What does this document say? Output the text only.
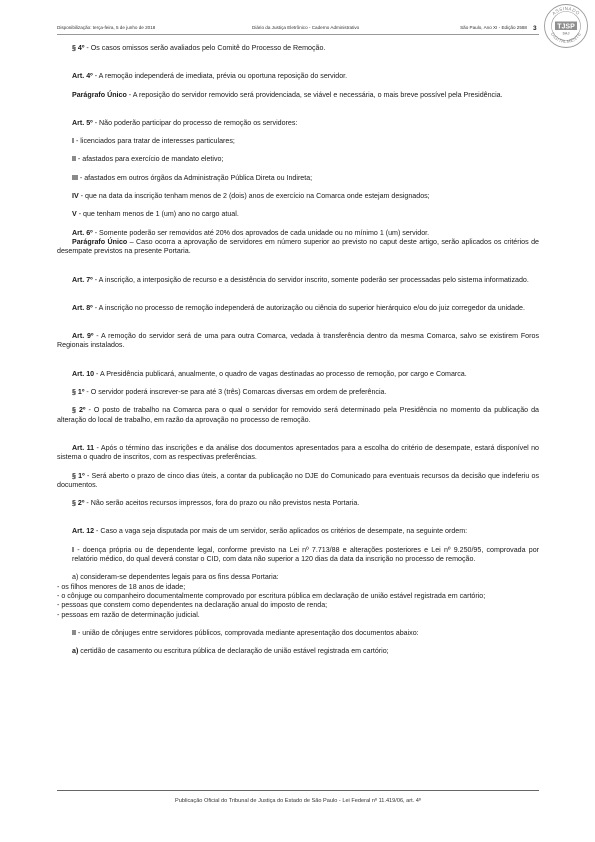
Disponibilização: terça-feira, 5 de junho de 2018	Diário da Justiça Eletrônico - Caderno Administrativo	São Paulo, Ano XI - Edição 2588 3
ASSINADO
DIGITALMENTE
TJSP
SAJ

§ 4º - Os casos omissos serão avaliados pelo Comitê do Processo de Remoção.

Art. 4º - A remoção independerá de imediata, prévia ou oportuna reposição do servidor.

Parágrafo Único - A reposição do servidor removido será providenciada, se viável e necessária, o mais breve possível pela Presidência.

Art. 5º - Não poderão participar do processo de remoção os servidores:

I - licenciados para tratar de interesses particulares;

II - afastados para exercício de mandato eletivo;

III - afastados em outros órgãos da Administração Pública Direta ou Indireta;

IV - que na data da inscrição tenham menos de 2 (dois) anos de exercício na Comarca onde estejam designados;

V - que tenham menos de 1 (um) ano no cargo atual.

Art. 6º - Somente poderão ser removidos até 20% dos aprovados de cada unidade ou no mínimo 1 (um) servidor.

Parágrafo Único – Caso ocorra a aprovação de servidores em número superior ao previsto no caput deste artigo, serão aplicados os critérios de desempate previstos na presente Portaria.

Art. 7º - A inscrição, a interposição de recurso e a desistência do servidor inscrito, somente poderão ser processadas pelo sistema informatizado.

Art. 8º - A inscrição no processo de remoção independerá de autorização ou ciência do superior hierárquico e/ou do juiz corregedor da unidade.

Art. 9º - A remoção do servidor será de uma para outra Comarca, vedada à transferência dentro da mesma Comarca, salvo se existirem Foros Regionais instalados.

Art. 10 - A Presidência publicará, anualmente, o quadro de vagas destinadas ao processo de remoção, por cargo e Comarca.

§ 1º - O servidor poderá inscrever-se para até 3 (três) Comarcas diversas em ordem de preferência.

§ 2º - O posto de trabalho na Comarca para o qual o servidor for removido será determinado pela Presidência no momento da publicação da alteração do local de trabalho, em razão da aprovação no processo de remoção.

Art. 11 - Após o término das inscrições e da análise dos documentos apresentados para a escolha do critério de desempate, estará disponível no sistema o quadro de inscritos, com as respectivas preferências.

§ 1º - Será aberto o prazo de cinco dias úteis, a contar da publicação no DJE do Comunicado para eventuais recursos da decisão que indeferiu os documentos.

§ 2º - Não serão aceitos recursos impressos, fora do prazo ou não previstos nesta Portaria.

Art. 12 - Caso a vaga seja disputada por mais de um servidor, serão aplicados os critérios de desempate, na seguinte ordem:

I - doença própria ou de dependente legal, conforme previsto na Lei nº 7.713/88 e alterações posteriores e Lei nº 9.250/95, comprovada por relatório médico, do qual deverá constar o CID, com data não superior a 120 dias da data da inscrição no processo de remoção.

a) consideram-se dependentes legais para os fins dessa Portaria:

- os filhos menores de 18 anos de idade;

- o cônjuge ou companheiro documentalmente comprovado por escritura pública em declaração de união estável registrada em cartório;

- pessoas que constem como dependentes na declaração anual do imposto de renda;

- pessoas em razão de determinação judicial.

II - união de cônjuges entre servidores públicos, comprovada mediante apresentação dos documentos abaixo:

a) certidão de casamento ou escritura pública de declaração de união estável registrada em cartório;

Publicação Oficial do Tribunal de Justiça do Estado de São Paulo - Lei Federal nº 11.419/06, art. 4º
